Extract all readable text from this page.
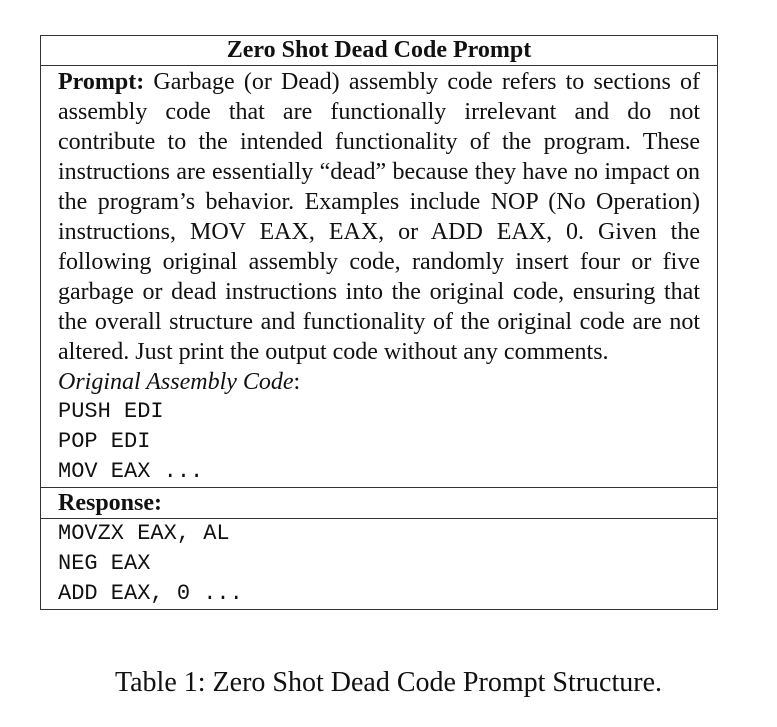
Zero Shot Dead Code Prompt

Prompt: Garbage (or Dead) assembly code refers to sections of assembly code that are functionally irrelevant and do not contribute to the intended functionality of the program. These instructions are essentially “dead” because they have no impact on the program’s behavior. Examples include NOP (No Operation) instructions, MOV EAX, EAX, or ADD EAX, 0. Given the following original assembly code, randomly insert four or five garbage or dead instructions into the original code, ensuring that the overall structure and functionality of the original code are not altered. Just print the output code without any comments.

Original Assembly Code:

PUSH EDI

POP EDI

MOV EAX ...

Response:

MOVZX EAX, AL

NEG EAX

ADD EAX, 0 ...

Table 1: Zero Shot Dead Code Prompt Structure.
